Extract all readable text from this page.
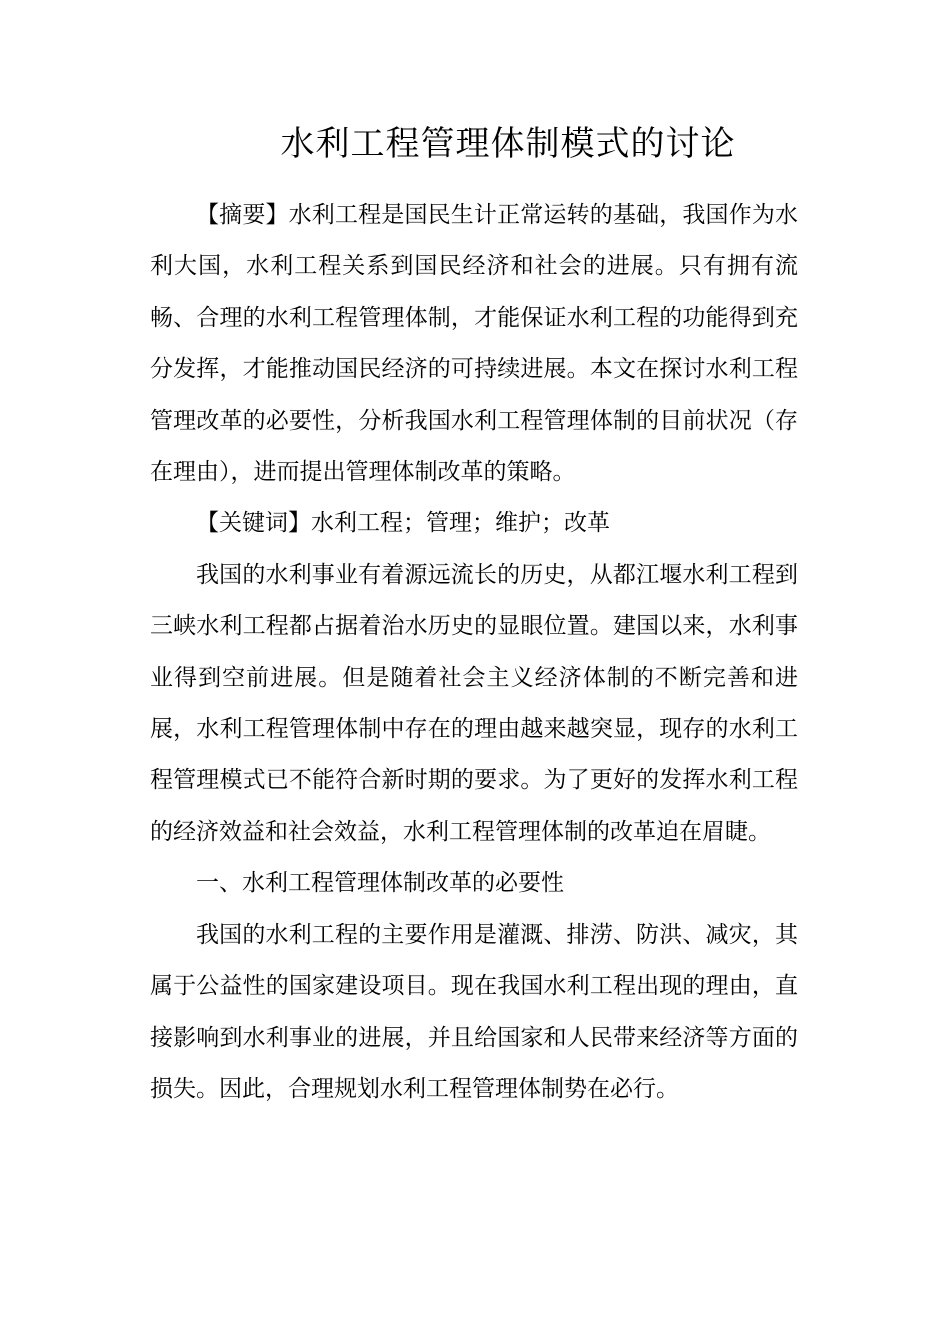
水利工程管理体制模式的讨论

【摘要】水利工程是国民生计正常运转的基础，我国作为水利大国，水利工程关系到国民经济和社会的进展。只有拥有流畅、合理的水利工程管理体制，才能保证水利工程的功能得到充分发挥，才能推动国民经济的可持续进展。本文在探讨水利工程管理改革的必要性，分析我国水利工程管理体制的目前状况（存在理由），进而提出管理体制改革的策略。

【关键词】水利工程；管理；维护；改革

我国的水利事业有着源远流长的历史，从都江堰水利工程到三峡水利工程都占据着治水历史的显眼位置。建国以来，水利事业得到空前进展。但是随着社会主义经济体制的不断完善和进展，水利工程管理体制中存在的理由越来越突显，现存的水利工程管理模式已不能符合新时期的要求。为了更好的发挥水利工程的经济效益和社会效益，水利工程管理体制的改革迫在眉睫。

一、水利工程管理体制改革的必要性

我国的水利工程的主要作用是灌溉、排涝、防洪、减灾，其属于公益性的国家建设项目。现在我国水利工程出现的理由，直接影响到水利事业的进展，并且给国家和人民带来经济等方面的损失。因此，合理规划水利工程管理体制势在必行。
